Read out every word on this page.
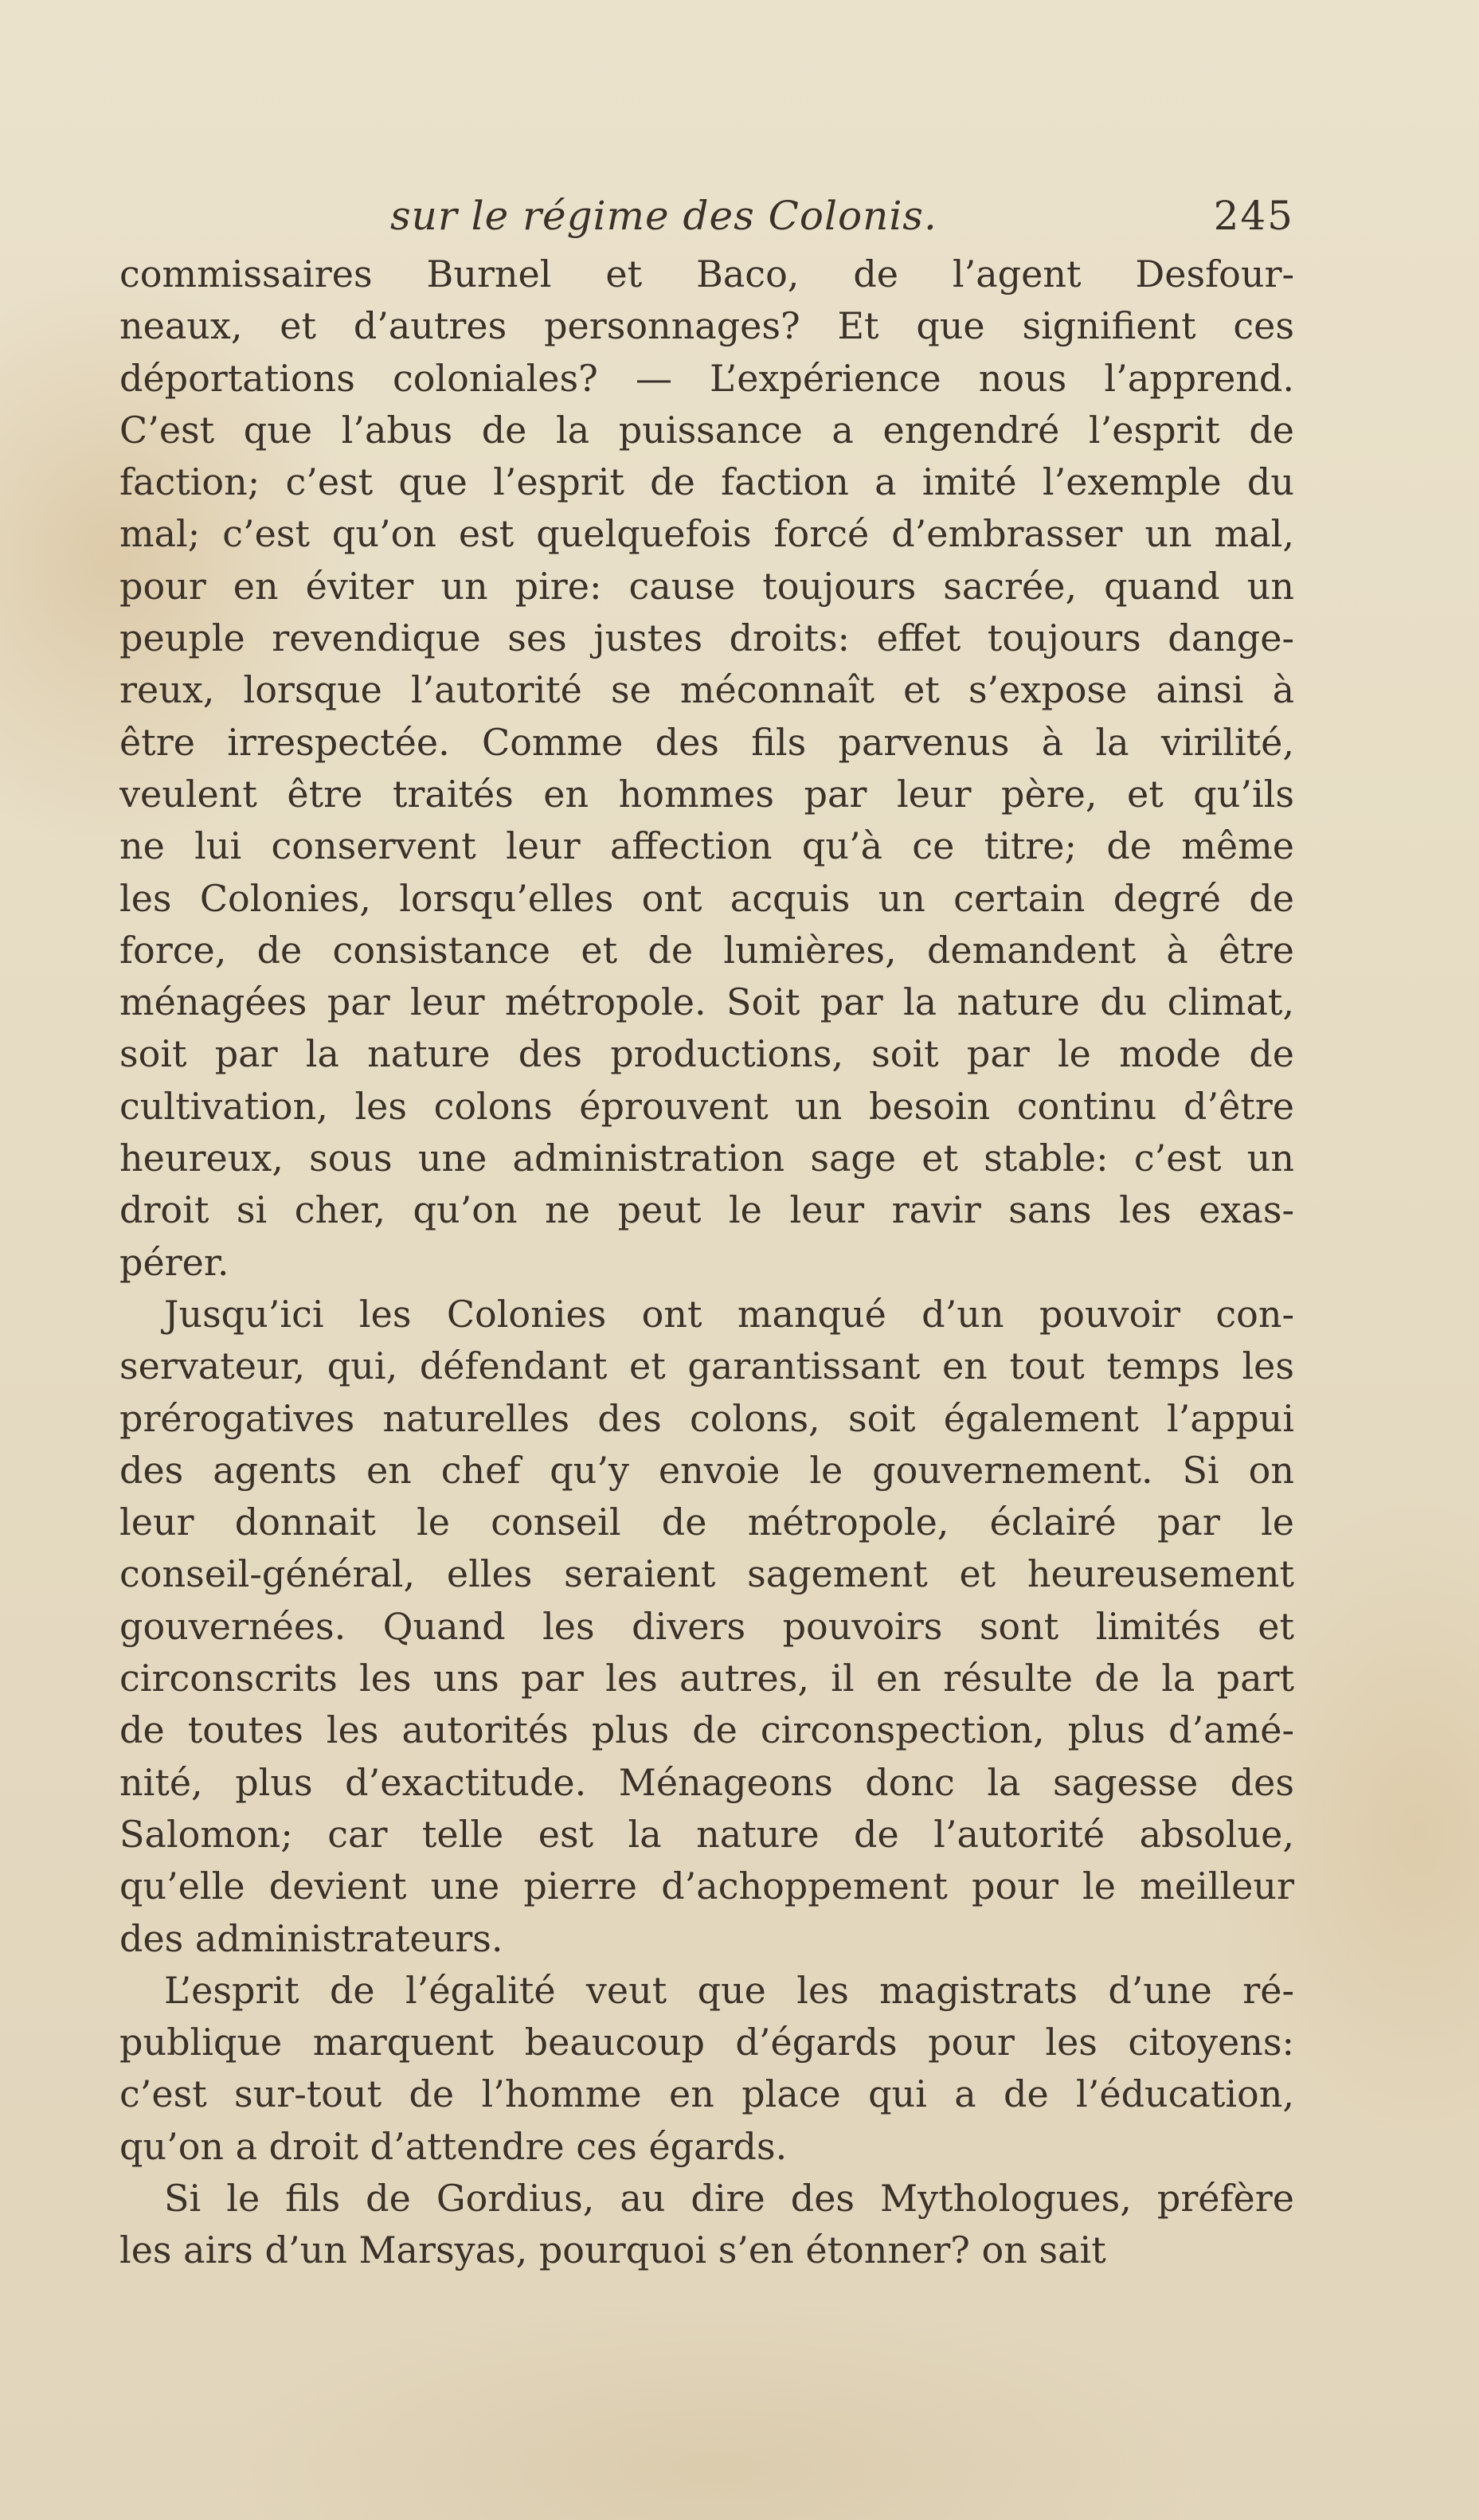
sur le régime des Colonis.	245
commissaires Burnel et Baco, de l’agent Desfour-
neaux, et d’autres personnages? Et que signifient ces
déportations coloniales? — L’expérience nous l’apprend.
C’est que l’abus de la puissance a engendré l’esprit de
faction; c’est que l’esprit de faction a imité l’exemple du
mal; c’est qu’on est quelquefois forcé d’embrasser un mal,
pour en éviter un pire: cause toujours sacrée, quand un
peuple revendique ses justes droits: effet toujours dange-
reux, lorsque l’autorité se méconnaît et s’expose ainsi à
être irrespectée. Comme des fils parvenus à la virilité,
veulent être traités en hommes par leur père, et qu’ils
ne lui conservent leur affection qu’à ce titre; de même
les Colonies, lorsqu’elles ont acquis un certain degré de
force, de consistance et de lumières, demandent à être
ménagées par leur métropole. Soit par la nature du climat,
soit par la nature des productions, soit par le mode de
cultivation, les colons éprouvent un besoin continu d’être
heureux, sous une administration sage et stable: c’est un
droit si cher, qu’on ne peut le leur ravir sans les exas-
pérer.
Jusqu’ici les Colonies ont manqué d’un pouvoir con-
servateur, qui, défendant et garantissant en tout temps les
prérogatives naturelles des colons, soit également l’appui
des agents en chef qu’y envoie le gouvernement. Si on
leur donnait le conseil de métropole, éclairé par le
conseil-général, elles seraient sagement et heureusement
gouvernées. Quand les divers pouvoirs sont limités et
circonscrits les uns par les autres, il en résulte de la part
de toutes les autorités plus de circonspection, plus d’amé-
nité, plus d’exactitude. Ménageons donc la sagesse des
Salomon; car telle est la nature de l’autorité absolue,
qu’elle devient une pierre d’achoppement pour le meilleur
des administrateurs.
L’esprit de l’égalité veut que les magistrats d’une ré-
publique marquent beaucoup d’égards pour les citoyens:
c’est sur-tout de l’homme en place qui a de l’éducation,
qu’on a droit d’attendre ces égards.
Si le fils de Gordius, au dire des Mythologues, préfère
les airs d’un Marsyas, pourquoi s’en étonner? on sait
